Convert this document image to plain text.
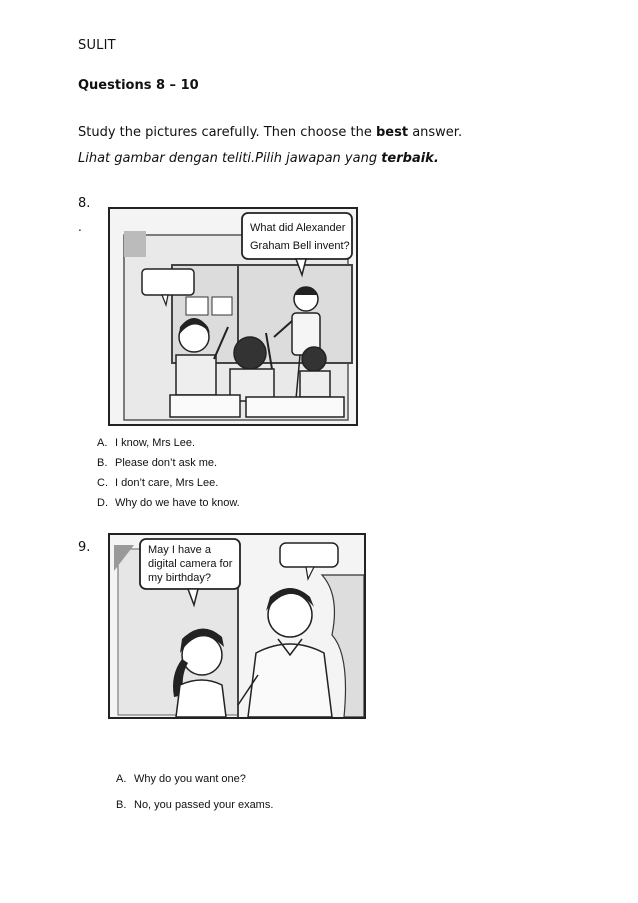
SULIT
Questions 8 – 10
Study the pictures carefully. Then choose the best answer.
Lihat gambar dengan teliti.Pilih jawapan yang terbaik.
8.
.	What did Alexander
Graham Bell invent?
A. I know, Mrs Lee.
B. Please don’t ask me.
C. I don’t care, Mrs Lee.
D. Why do we have to know.
9.	May I have a
digital camera for
my birthday?
A. Why do you want one?
B. No, you passed your exams.
